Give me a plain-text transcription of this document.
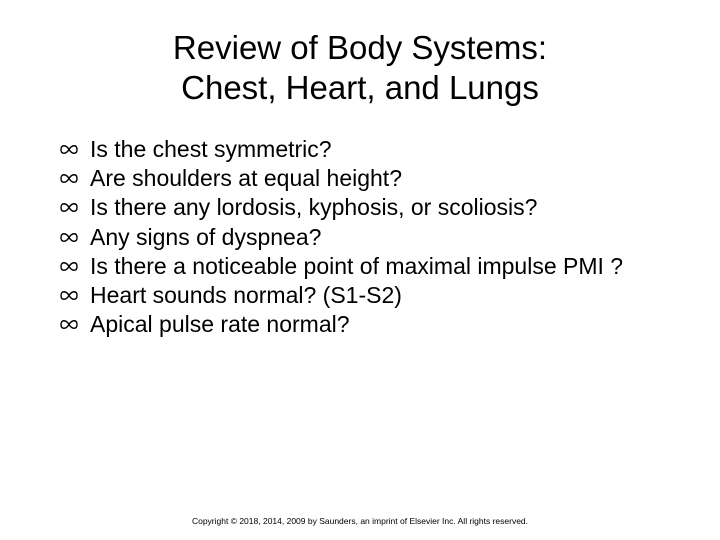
Review of Body Systems:
Chest, Heart, and Lungs
Is the chest symmetric?
Are shoulders at equal height?
Is there any lordosis, kyphosis, or scoliosis?
Any signs of dyspnea?
Is there a noticeable point of maximal impulse PMI ?
Heart sounds normal? (S1-S2)
Apical pulse rate normal?
Copyright © 2018, 2014, 2009 by Saunders, an imprint of Elsevier Inc. All rights reserved.
